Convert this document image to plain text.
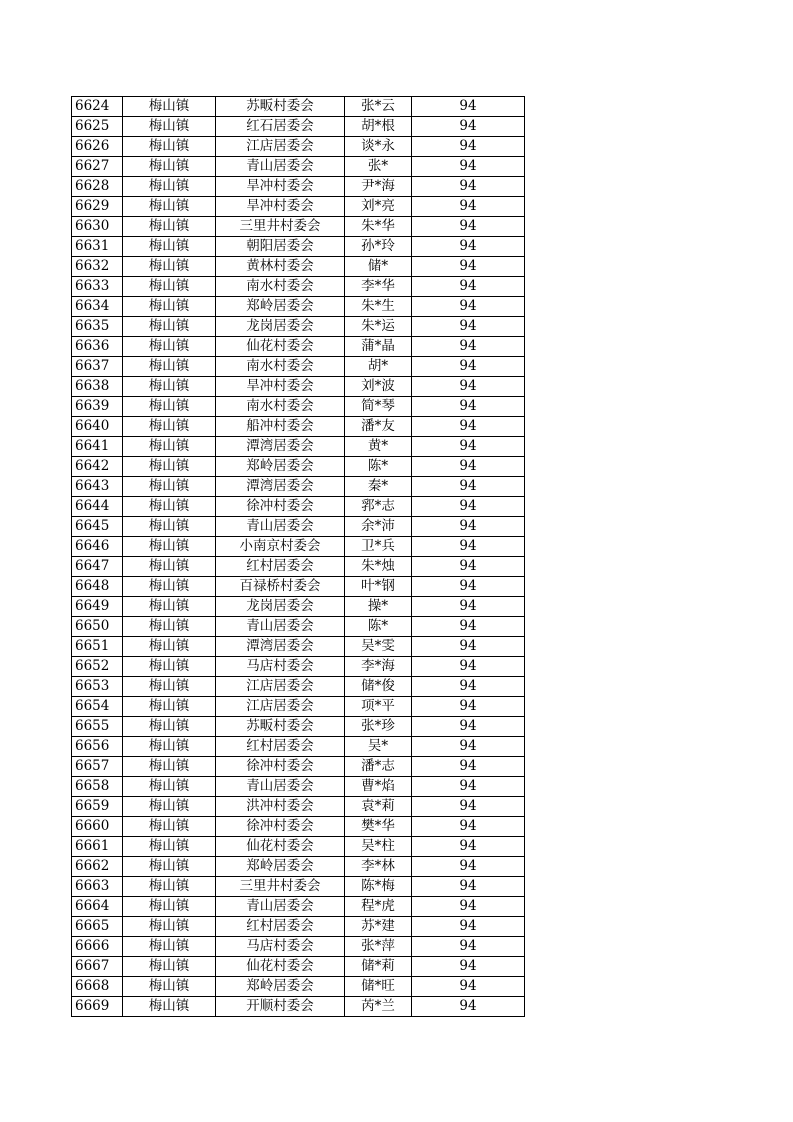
6624	梅山镇	苏畈村委会	张*云	94
6625	梅山镇	红石居委会	胡*根	94
6626	梅山镇	江店居委会	谈*永	94
6627	梅山镇	青山居委会	张*	94
6628	梅山镇	旱冲村委会	尹*海	94
6629	梅山镇	旱冲村委会	刘*亮	94
6630	梅山镇	三里井村委会	朱*华	94
6631	梅山镇	朝阳居委会	孙*玲	94
6632	梅山镇	黄林村委会	储*	94
6633	梅山镇	南水村委会	李*华	94
6634	梅山镇	郑岭居委会	朱*生	94
6635	梅山镇	龙岗居委会	朱*运	94
6636	梅山镇	仙花村委会	蒲*晶	94
6637	梅山镇	南水村委会	胡*	94
6638	梅山镇	旱冲村委会	刘*波	94
6639	梅山镇	南水村委会	简*琴	94
6640	梅山镇	船冲村委会	潘*友	94
6641	梅山镇	潭湾居委会	黄*	94
6642	梅山镇	郑岭居委会	陈*	94
6643	梅山镇	潭湾居委会	秦*	94
6644	梅山镇	徐冲村委会	郛*志	94
6645	梅山镇	青山居委会	余*沛	94
6646	梅山镇	小南京村委会	卫*兵	94
6647	梅山镇	红村居委会	朱*烛	94
6648	梅山镇	百禄桥村委会	叶*钢	94
6649	梅山镇	龙岗居委会	操*	94
6650	梅山镇	青山居委会	陈*	94
6651	梅山镇	潭湾居委会	吴*雯	94
6652	梅山镇	马店村委会	李*海	94
6653	梅山镇	江店居委会	储*俊	94
6654	梅山镇	江店居委会	项*平	94
6655	梅山镇	苏畈村委会	张*珍	94
6656	梅山镇	红村居委会	吴*	94
6657	梅山镇	徐冲村委会	潘*志	94
6658	梅山镇	青山居委会	曹*焰	94
6659	梅山镇	洪冲村委会	袁*莉	94
6660	梅山镇	徐冲村委会	樊*华	94
6661	梅山镇	仙花村委会	吴*柱	94
6662	梅山镇	郑岭居委会	李*林	94
6663	梅山镇	三里井村委会	陈*梅	94
6664	梅山镇	青山居委会	程*虎	94
6665	梅山镇	红村居委会	苏*建	94
6666	梅山镇	马店村委会	张*萍	94
6667	梅山镇	仙花村委会	储*莉	94
6668	梅山镇	郑岭居委会	储*旺	94
6669	梅山镇	开顺村委会	芮*兰	94
